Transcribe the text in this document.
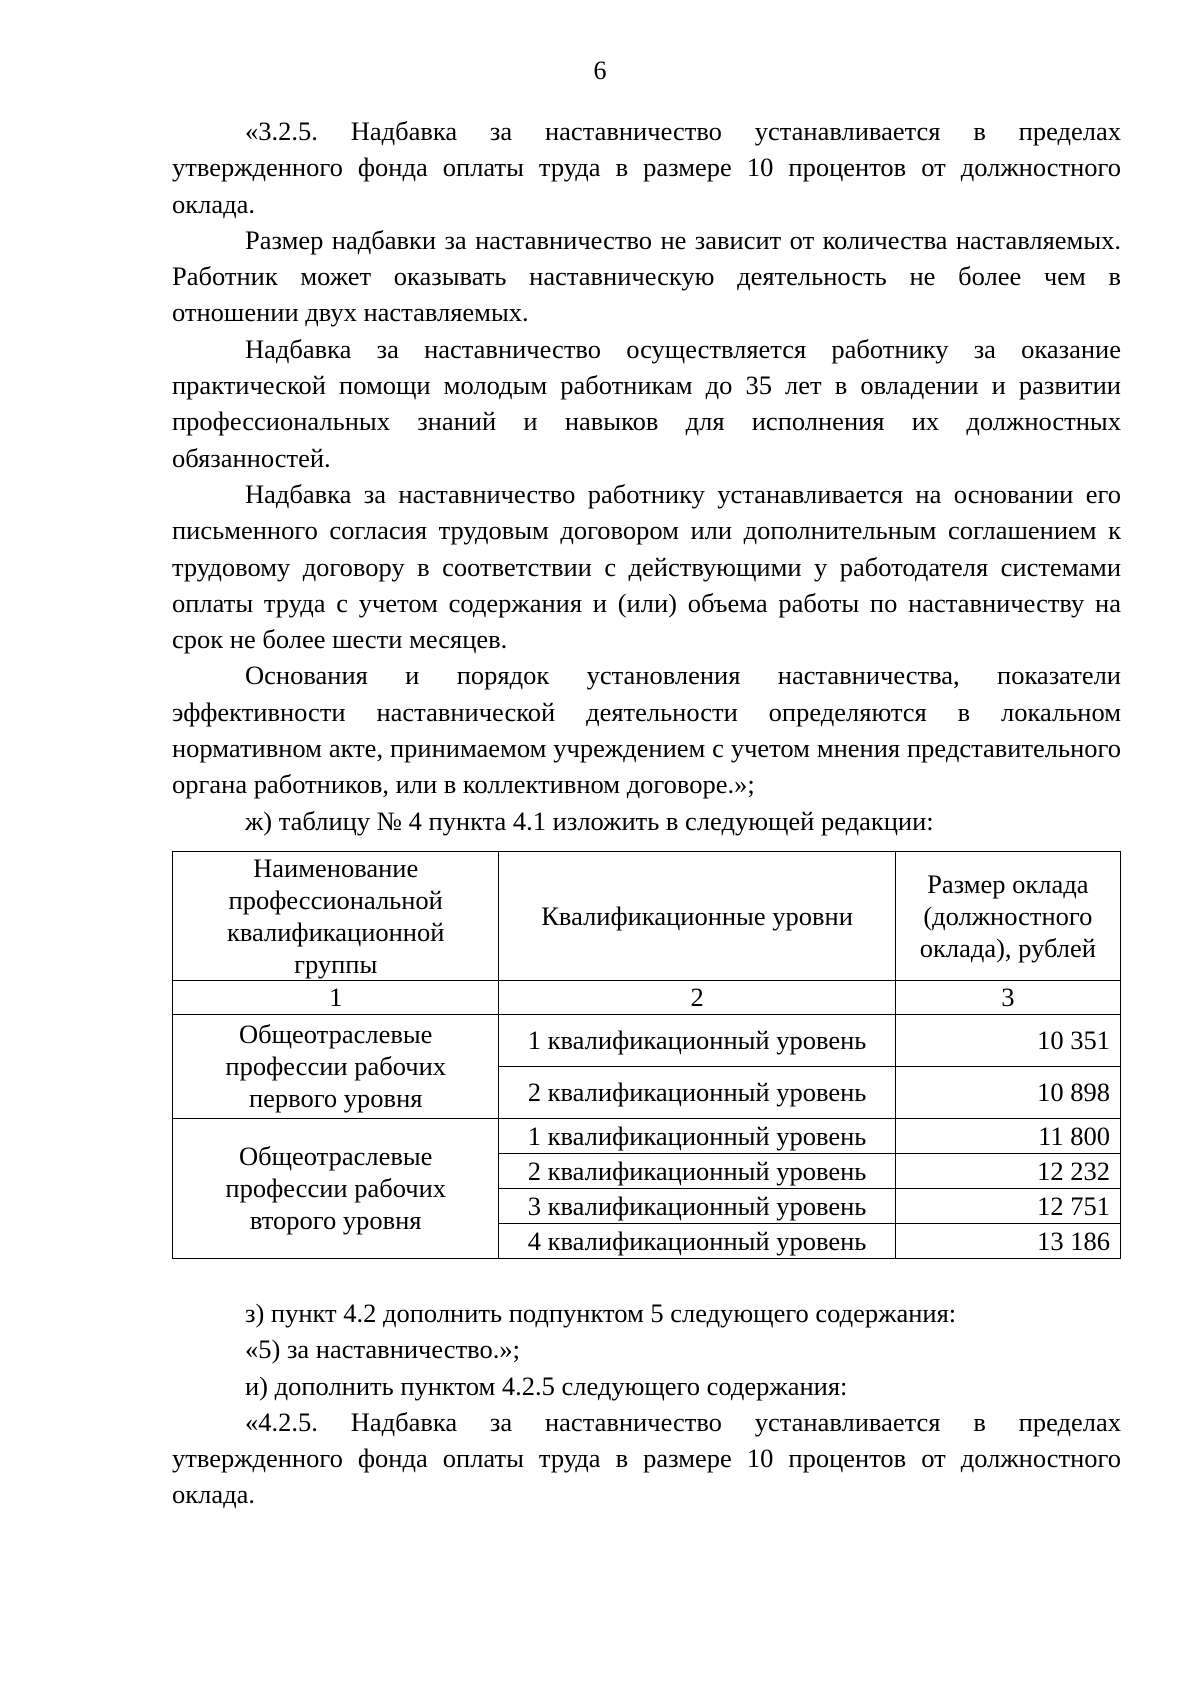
6

«3.2.5. Надбавка за наставничество устанавливается в пределах утвержденного фонда оплаты труда в размере 10 процентов от должностного оклада.

Размер надбавки за наставничество не зависит от количества наставляемых. Работник может оказывать наставническую деятельность не более чем в отношении двух наставляемых.

Надбавка за наставничество осуществляется работнику за оказание практической помощи молодым работникам до 35 лет в овладении и развитии профессиональных знаний и навыков для исполнения их должностных обязанностей.

Надбавка за наставничество работнику устанавливается на основании его письменного согласия трудовым договором или дополнительным соглашением к трудовому договору в соответствии с действующими у работодателя системами оплаты труда с учетом содержания и (или) объема работы по наставничеству на срок не более шести месяцев.

Основания и порядок установления наставничества, показатели эффективности наставнической деятельности определяются в локальном нормативном акте, принимаемом учреждением с учетом мнения представительного органа работников, или в коллективном договоре.»;

ж) таблицу № 4 пункта 4.1 изложить в следующей редакции:

Наименование профессиональной квалификационной группы	Квалификационные уровни	Размер оклада (должностного оклада), рублей
1	2	3
Общеотраслевые профессии рабочих первого уровня	1 квалификационный уровень	10 351
	2 квалификационный уровень	10 898
Общеотраслевые профессии рабочих второго уровня	1 квалификационный уровень	11 800
	2 квалификационный уровень	12 232
	3 квалификационный уровень	12 751
	4 квалификационный уровень	13 186

з) пункт 4.2 дополнить подпунктом 5 следующего содержания:

«5) за наставничество.»;

и) дополнить пунктом 4.2.5 следующего содержания:

«4.2.5. Надбавка за наставничество устанавливается в пределах утвержденного фонда оплаты труда в размере 10 процентов от должностного оклада.
